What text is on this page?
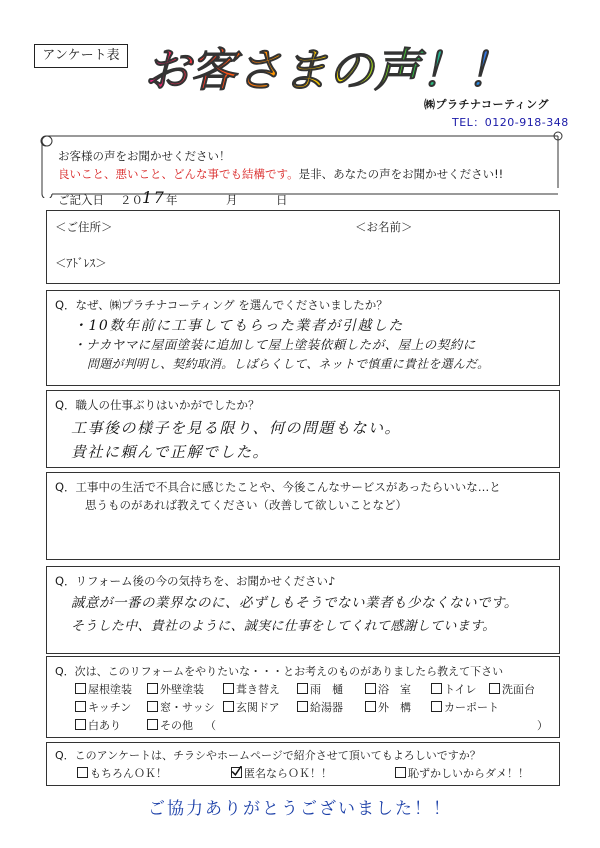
アンケート表 お客さまの声！！
㈱プラチナコーティング
TEL：0120-918-348
お客様の声をお聞かせください！
良いこと、悪いこと、どんな事でも結構です。是非、あなたの声をお聞かせください!!
ご記入日 ２０ 17 年	月	日
＜ご住所＞	＜お名前＞
＜ｱﾄﾞﾚｽ＞
Q．なぜ、㈱プラチナコーティング を選んでくださいましたか？
・10数年前に工事してもらった業者が引越した
・ナカヤマに屋面塗装に追加して屋上塗装依頼したが、屋上の契約に
問題が判明し、契約取消。しばらくして、ネットで慎重に貴社を選んだ。
Q．職人の仕事ぶりはいかがでしたか？
工事後の様子を見る限り、何の問題もない。
貴社に頼んで正解でした。
Q．工事中の生活で不具合に感じたことや、今後こんなサービスがあったらいいな…と
思うものがあれば教えてください（改善して欲しいことなど）
Q．リフォーム後の今の気持ちを、お聞かせください♪
誠意が一番の業界なのに、必ずしもそうでない業者も少なくないです。
そうした中、貴社のように、誠実に仕事をしてくれて感謝しています。
Q．次は、このリフォームをやりたいな・・・とお考えのものがありましたら教えて下さい
屋根塗装	外壁塗装	葺き替え	雨　樋	浴　室	トイレ	洗面台
キッチン	窓・サッシ	玄関ドア	給湯器	外　構	カーポート
白あり	その他 （	）
Q．このアンケートは、チラシやホームページで紹介させて頂いてもよろしいですか？
もちろんＯＫ！	匿名ならＯＫ！！	恥ずかしいからダメ！！
ご協力ありがとうございました！！
